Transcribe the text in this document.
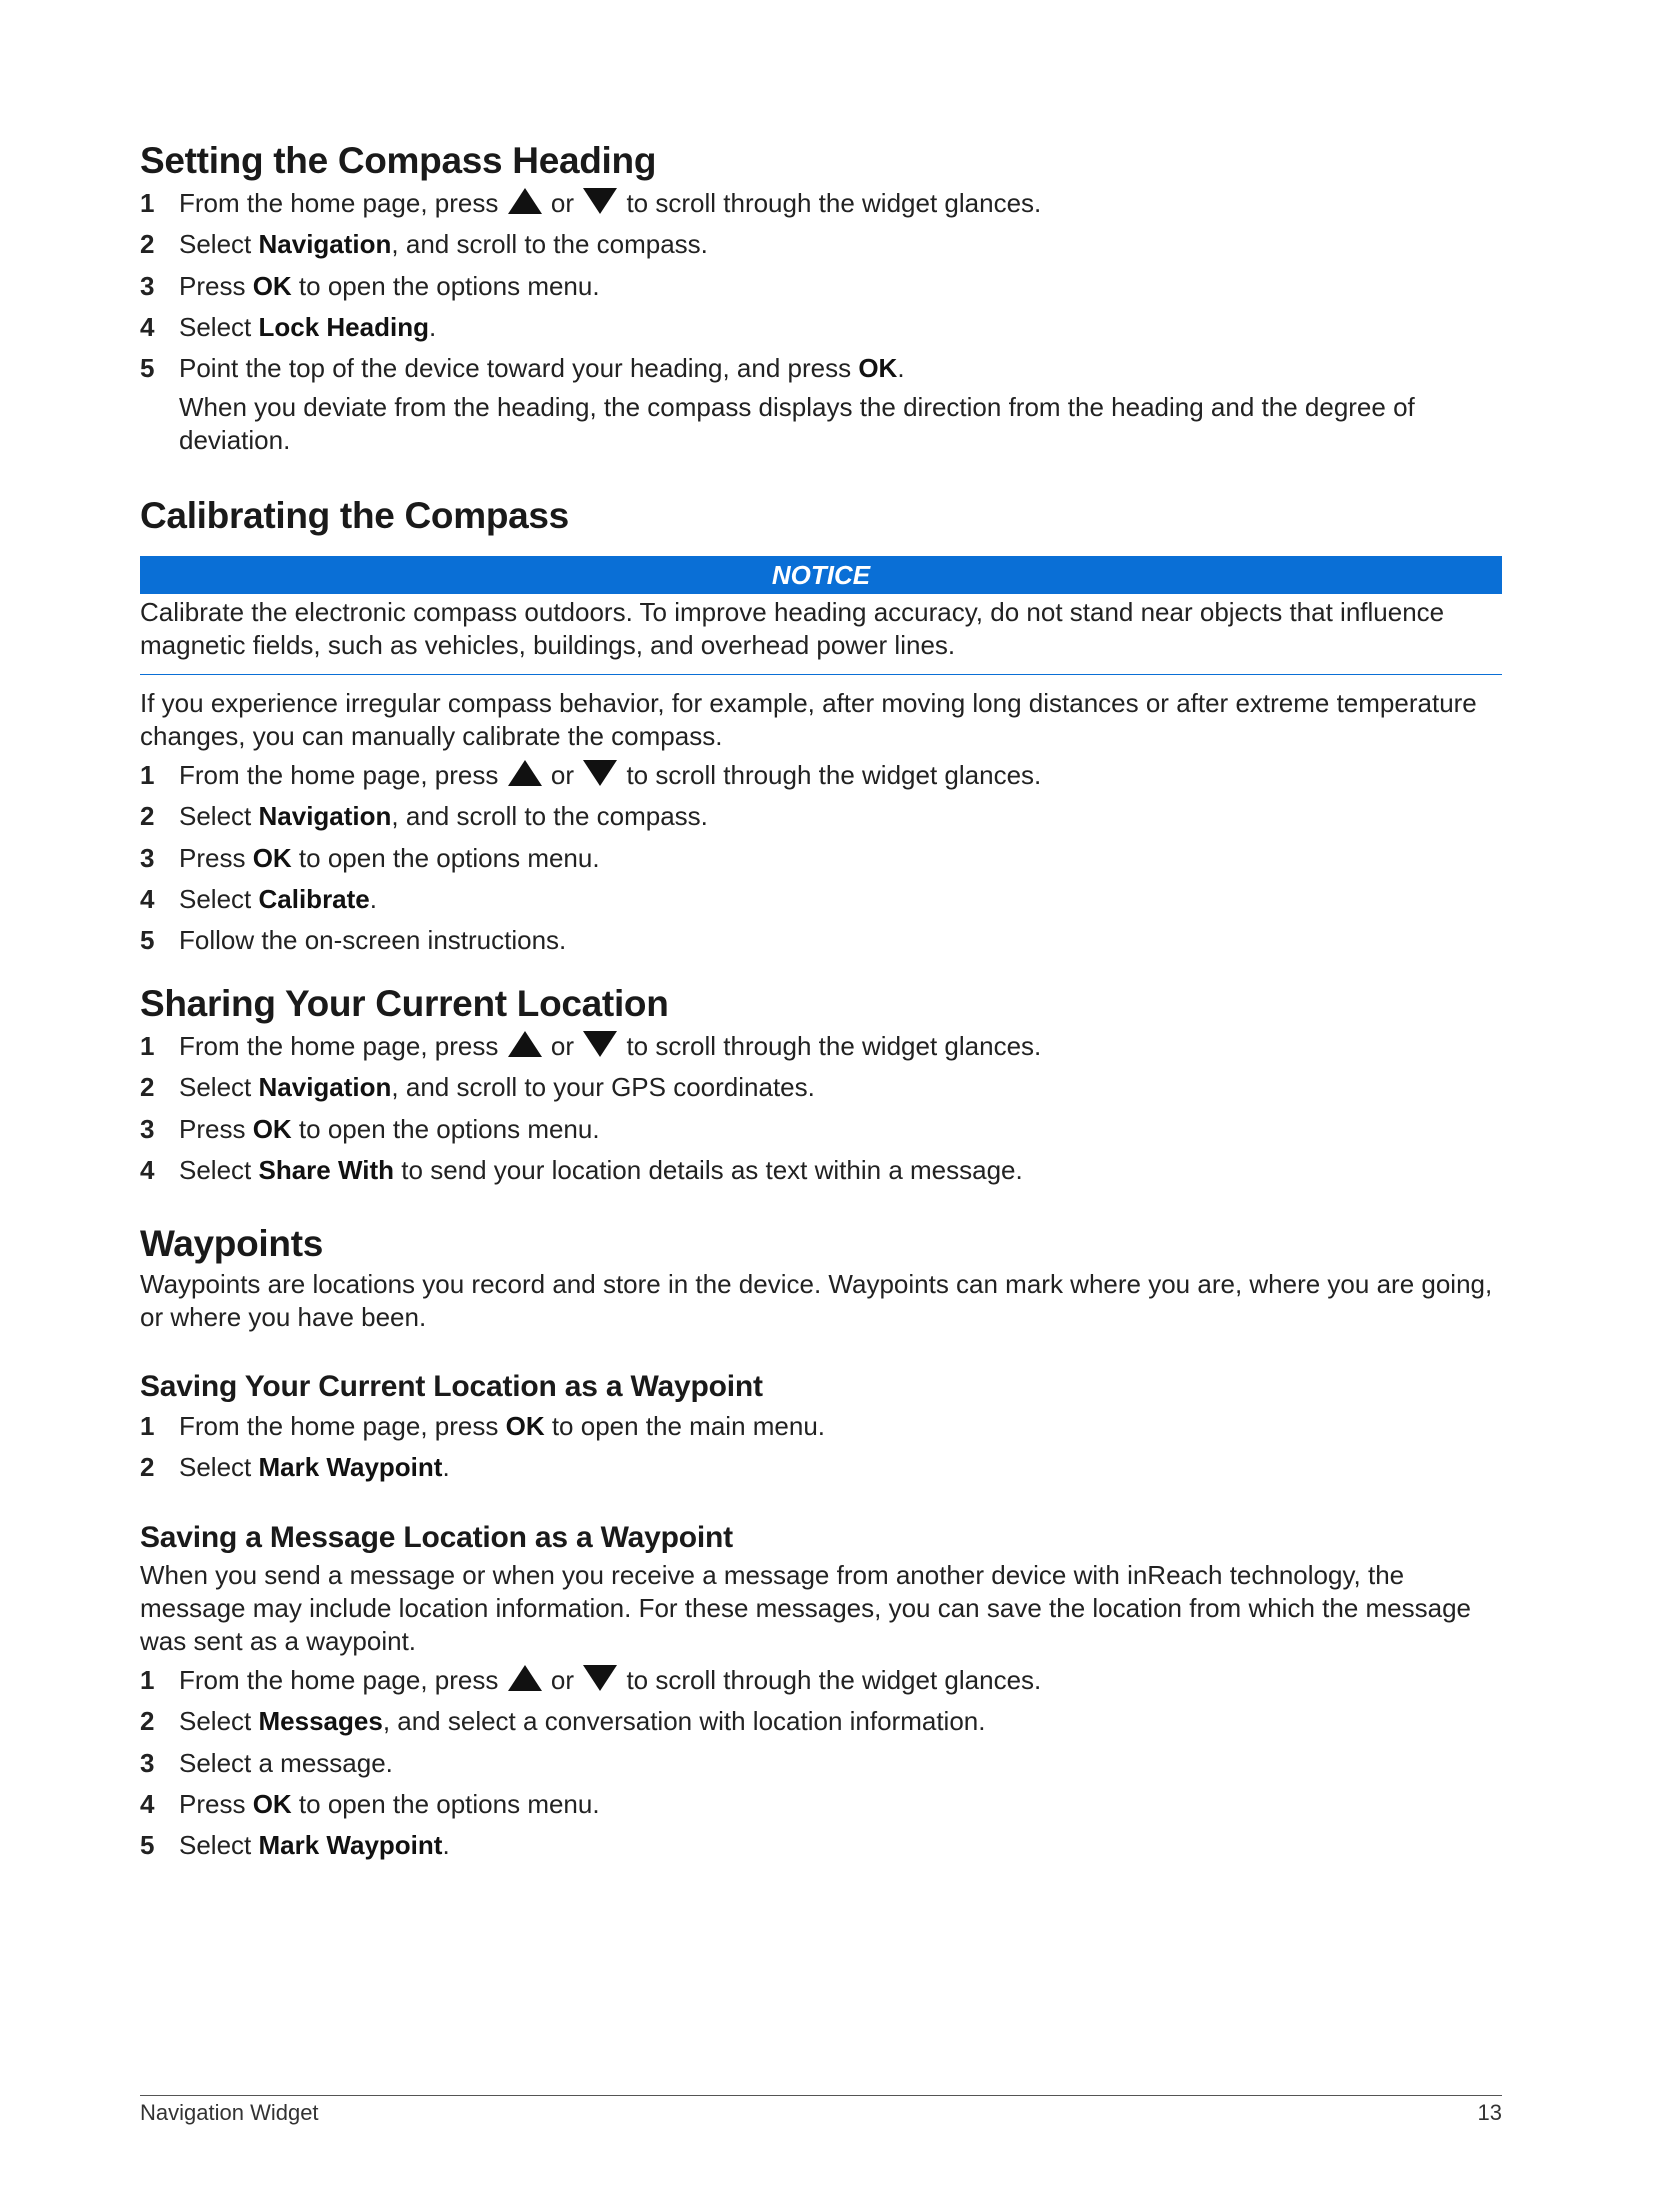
Setting the Compass Heading
1 From the home page, press or to scroll through the widget glances.
2 Select Navigation, and scroll to the compass.
3 Press OK to open the options menu.
4 Select Lock Heading.
5 Point the top of the device toward your heading, and press OK.

When you deviate from the heading, the compass displays the direction from the heading and the degree of deviation.

Calibrating the Compass
NOTICE

Calibrate the electronic compass outdoors. To improve heading accuracy, do not stand near objects that influence magnetic fields, such as vehicles, buildings, and overhead power lines.

If you experience irregular compass behavior, for example, after moving long distances or after extreme temperature changes, you can manually calibrate the compass.

1 From the home page, press or to scroll through the widget glances.
2 Select Navigation, and scroll to the compass.
3 Press OK to open the options menu.
4 Select Calibrate.
5 Follow the on-screen instructions.
Sharing Your Current Location
1 From the home page, press or to scroll through the widget glances.
2 Select Navigation, and scroll to your GPS coordinates.
3 Press OK to open the options menu.
4 Select Share With to send your location details as text within a message.
Waypoints

Waypoints are locations you record and store in the device. Waypoints can mark where you are, where you are going, or where you have been.

Saving Your Current Location as a Waypoint
1 From the home page, press OK to open the main menu.
2 Select Mark Waypoint.
Saving a Message Location as a Waypoint

When you send a message or when you receive a message from another device with inReach technology, the message may include location information. For these messages, you can save the location from which the message was sent as a waypoint.

1 From the home page, press or to scroll through the widget glances.
2 Select Messages, and select a conversation with location information.
3 Select a message.
4 Press OK to open the options menu.
5 Select Mark Waypoint.
Navigation Widget	13
